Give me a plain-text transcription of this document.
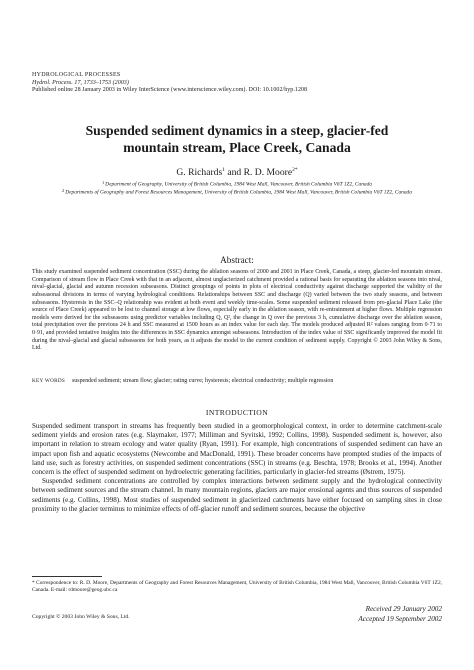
HYDROLOGICAL PROCESSES
Hydrol. Process. 17, 1733–1753 (2003)
Published online 28 January 2003 in Wiley InterScience (www.interscience.wiley.com). DOI: 10.1002/hyp.1208
Suspended sediment dynamics in a steep, glacier-fed
mountain stream, Place Creek, Canada
G. Richards$^1$ and R. D. Moore$^{2*}$
$^1$Department of Geography, University of British Columbia, 1984 West Mall, Vancouver, British Columbia V6T 1Z2, Canada
$^2$Departments of Geography and Forest Resources Management, University of British Columbia, 1984 West Mall, Vancouver, British Columbia V6T 1Z2, Canada
Abstract:
This study examined suspended sediment concentration (SSC) during the ablation seasons of 2000 and 2001 in Place Creek, Canada, a steep, glacier-fed mountain stream. Comparison of stream flow in Place Creek with that in an adjacent, almost unglacierized catchment provided a rational basis for separating the ablation seasons into nival, nival–glacial, glacial and autumn recession subseasons. Distinct groupings of points in plots of electrical conductivity against discharge supported the validity of the subseasonal divisions in terms of varying hydrological conditions. Relationships between SSC and discharge (Q) varied between the two study seasons, and between subseasons. Hysteresis in the SSC–Q relationship was evident at both event and weekly time-scales. Some suspended sediment released from pro-glacial Place Lake (the source of Place Creek) appeared to be lost to channel storage at low flows, especially early in the ablation season, with re-entrainment at higher flows. Multiple regression models were derived for the subseasons using predictor variables including Q, Q², the change in Q over the previous 3 h, cumulative discharge over the ablation season, total precipitation over the previous 24 h and SSC measured at 1500 hours as an index value for each day. The models produced adjusted R² values ranging from 0·71 to 0·91, and provided tentative insights into the differences in SSC dynamics amongst subseasons. Introduction of the index value of SSC significantly improved the model fit during the nival–glacial and glacial subseasons for both years, as it adjusts the model to the current condition of sediment supply. Copyright © 2003 John Wiley & Sons, Ltd.
KEY WORDS	suspended sediment; stream flow; glacier; rating curve; hysteresis; electrical conductivity; multiple regression
INTRODUCTION

Suspended sediment transport in streams has frequently been studied in a geomorphological context, in order to determine catchment-scale sediment yields and erosion rates (e.g. Slaymaker, 1977; Milliman and Syvitski, 1992; Collins, 1998). Suspended sediment is, however, also important in relation to stream ecology and water quality (Ryan, 1991). For example, high concentrations of suspended sediment can have an impact upon fish and aquatic ecosystems (Newcombe and MacDonald, 1991). These broader concerns have prompted studies of the impacts of land use, such as forestry activities, on suspended sediment concentrations (SSC) in streams (e.g. Beschta, 1978; Brooks et al., 1994). Another concern is the effect of suspended sediment on hydroelectric generating facilities, particularly in glacier-fed streams (Østrem, 1975).

Suspended sediment concentrations are controlled by complex interactions between sediment supply and the hydrological connectivity between sediment sources and the stream channel. In many mountain regions, glaciers are major erosional agents and thus sources of suspended sediments (e.g. Collins, 1998). Most studies of suspended sediment in glacierized catchments have either focused on sampling sites in close proximity to the glacier terminus to minimize effects of off-glacier runoff and sediment sources, because the objective

* Correspondence to: R. D. Moore, Departments of Geography and Forest Resources Management, University of British Columbia, 1984 West Mall, Vancouver, British Columbia V6T 1Z2, Canada. E-mail: rdmoore@geog.ubc.ca
Copyright © 2003 John Wiley & Sons, Ltd.
Received 29 January 2002
Accepted 19 September 2002
